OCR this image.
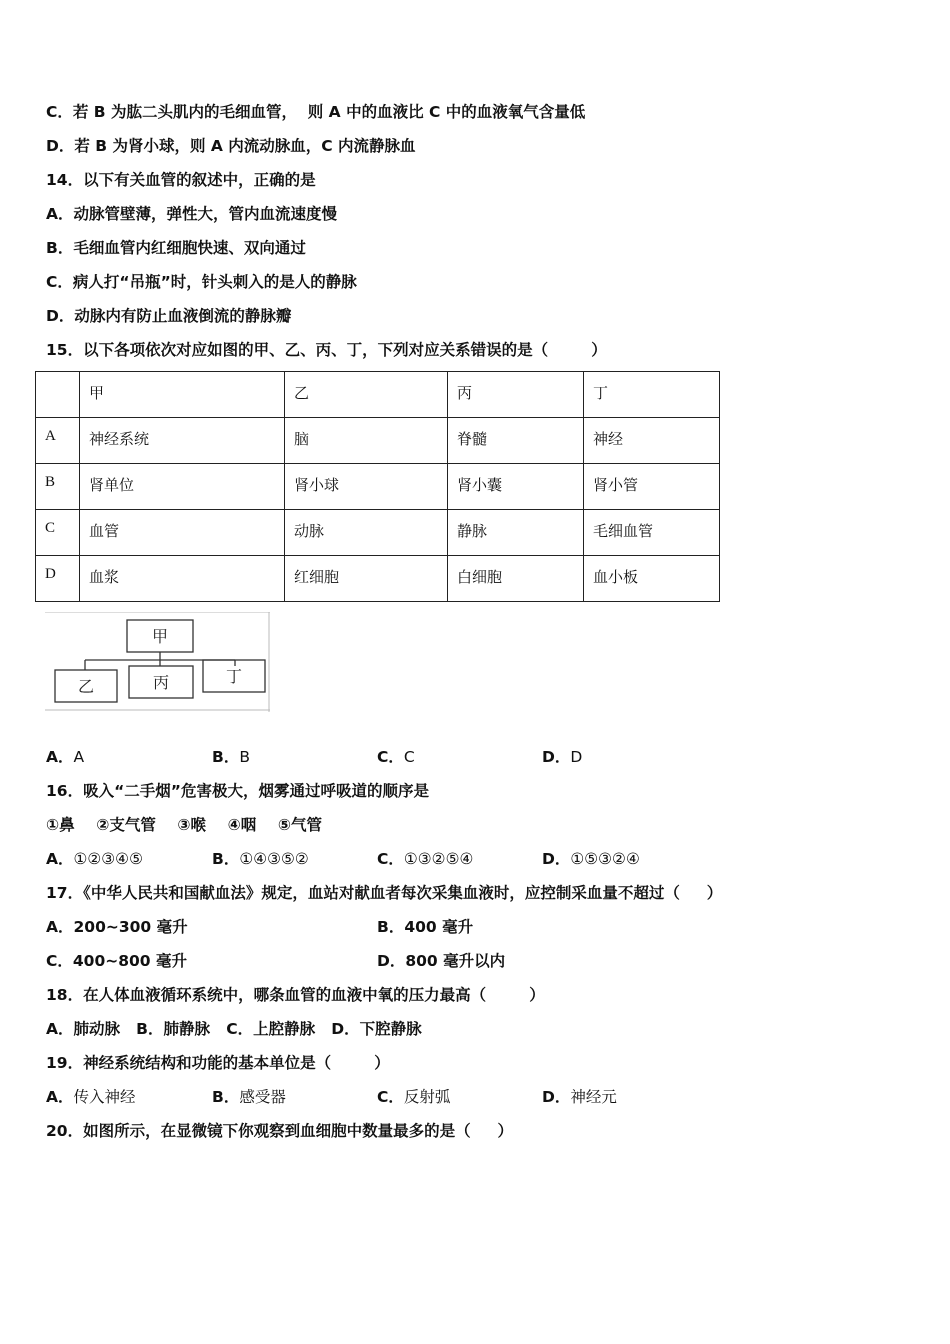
C．若 B 为肱二头肌内的毛细血管，  则 A 中的血液比 C 中的血液氧气含量低
D．若 B 为肾小球，则 A 内流动脉血，C 内流静脉血
14．以下有关血管的叙述中，正确的是
A．动脉管壁薄，弹性大，管内血流速度慢
B．毛细血管内红细胞快速、双向通过
C．病人打“吊瓶”时，针头刺入的是人的静脉
D．动脉内有防止血液倒流的静脉瓣
15．以下各项依次对应如图的甲、乙、丙、丁，下列对应关系错误的是（        ）
	甲	乙	丙	丁
A	神经系统	脑	脊髓	神经
B	肾单位	肾小球	肾小囊	肾小管
C	血管	动脉	静脉	毛细血管
D	血浆	红细胞	白细胞	血小板
甲
乙	丙	丁
A．A	B．B	C．C	D．D
16．吸入“二手烟”危害极大，烟雾通过呼吸道的顺序是
①鼻    ②支气管    ③喉    ④咽    ⑤气管
A．①②③④⑤	B．①④③⑤②	C．①③②⑤④	D．①⑤③②④
17．《中华人民共和国献血法》规定，血站对献血者每次采集血液时，应控制采血量不超过（     ）
A．200~300 毫升	B．400 毫升
C．400~800 毫升	D．800 毫升以内
18．在人体血液循环系统中，哪条血管的血液中氧的压力最高（        ）
A．肺动脉   B．肺静脉   C．上腔静脉   D．下腔静脉
19．神经系统结构和功能的基本单位是（        ）
A．传入神经	B．感受器	C．反射弧	D．神经元
20．如图所示，在显微镜下你观察到血细胞中数量最多的是（     ）
